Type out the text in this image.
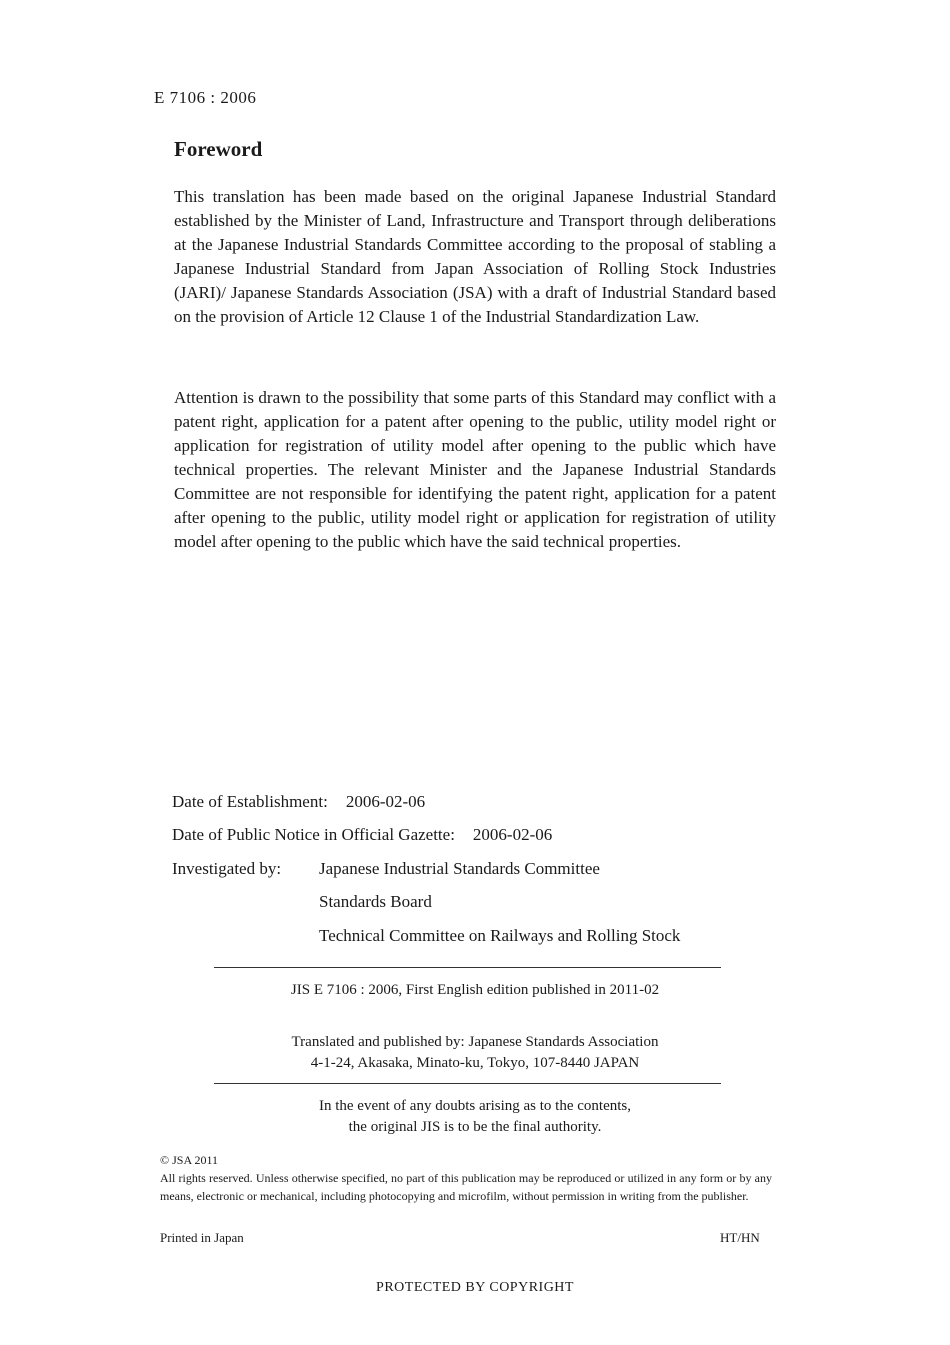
E 7106 : 2006
Foreword

This translation has been made based on the original Japanese Industrial Standard established by the Minister of Land, Infrastructure and Transport through deliberations at the Japanese Industrial Standards Committee according to the proposal of stabling a Japanese Industrial Standard from Japan Association of Rolling Stock Industries (JARI)/ Japanese Standards Association (JSA) with a draft of Industrial Standard based on the provision of Article 12 Clause 1 of the Industrial Standardization Law.

Attention is drawn to the possibility that some parts of this Standard may conflict with a patent right, application for a patent after opening to the public, utility model right or application for registration of utility model after opening to the public which have technical properties. The relevant Minister and the Japanese Industrial Standards Committee are not responsible for identifying the patent right, application for a patent after opening to the public, utility model right or application for registration of utility model after opening to the public which have the said technical properties.

Date of Establishment: 2006-02-06
Date of Public Notice in Official Gazette: 2006-02-06
Investigated by: Japanese Industrial Standards Committee
Standards Board
Technical Committee on Railways and Rolling Stock
JIS E 7106 : 2006, First English edition published in 2011-02
Translated and published by: Japanese Standards Association
4-1-24, Akasaka, Minato-ku, Tokyo, 107-8440 JAPAN
In the event of any doubts arising as to the contents,
the original JIS is to be the final authority.
© JSA 2011
All rights reserved. Unless otherwise specified, no part of this publication may be reproduced or utilized in any form or by any means, electronic or mechanical, including photocopying and microfilm, without permission in writing from the publisher.
Printed in Japan	HT/HN
PROTECTED BY COPYRIGHT
